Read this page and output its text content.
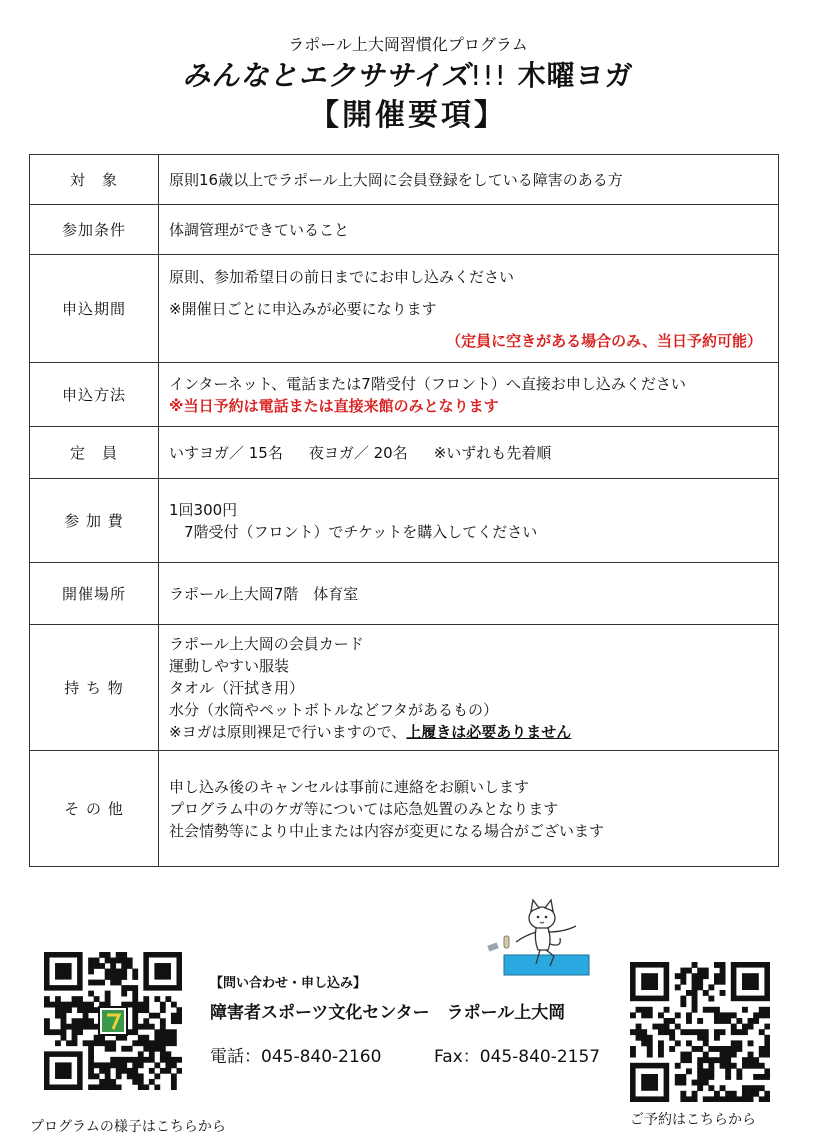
ラポール上大岡習慣化プログラム
みんなとエクササイズ!!! 木曜ヨガ
【開催要項】
対　象	原則16歳以上でラポール上大岡に会員登録をしている障害のある方

参加条件	体調管理ができていること

申込期間	原則、参加希望日の前日までにお申し込みください
※開催日ごとに申込みが必要になります
（定員に空きがある場合のみ、当日予約可能）

申込方法	インターネット、電話または7階受付（フロント）へ直接お申し込みください
※当日予約は電話または直接来館のみとなります

定　員	いすヨガ／ 15名 夜ヨガ／ 20名 ※いずれも先着順
参 加 費	1回300円
　7階受付（フロント）でチケットを購入してください

開催場所	ラポール上大岡7階　体育室

持 ち 物	ラポール上大岡の会員カード
運動しやすい服装
タオル（汗拭き用）
水分（水筒やペットボトルなどフタがあるもの）
※ヨガは原則裸足で行いますので、上履きは必要ありません

そ の 他	申し込み後のキャンセルは事前に連絡をお願いします
プログラム中のケガ等については応急処置のみとなります
社会情勢等により中止または内容が変更になる場合がございます
プログラムの様子はこちらから
【問い合わせ・申し込み】
障害者スポーツ文化センター　ラポール上大岡
電話：045-840-2160	Fax：045-840-2157
ご予約はこちらから
